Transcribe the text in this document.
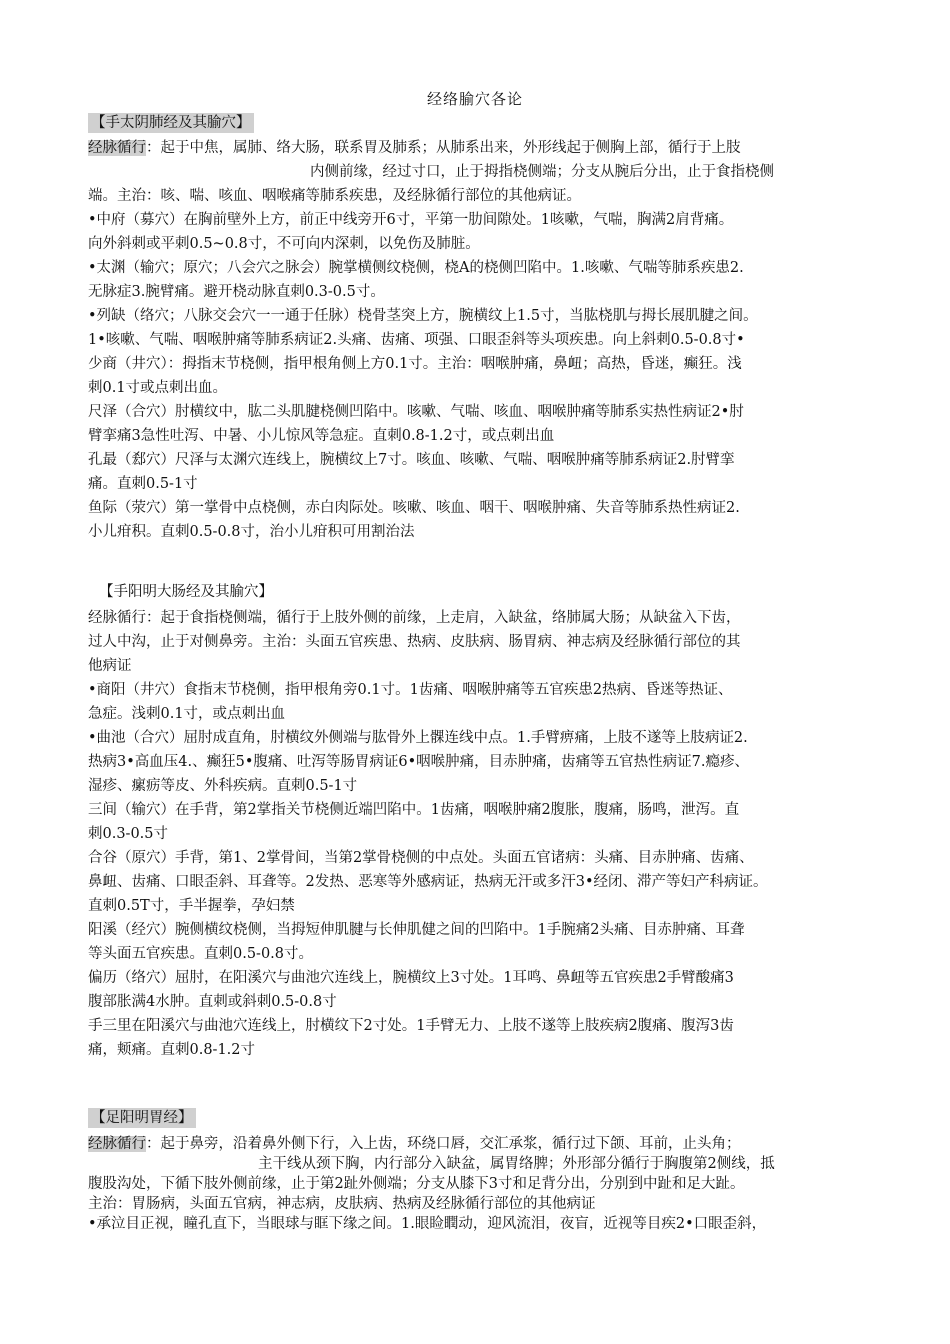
经络腧穴各论
【手太阴肺经及其腧穴】

经脉循行：起于中焦，属肺、络大肠，联系胃及肺系；从肺系出来，外形线起于侧胸上部，循行于上肢

内侧前缘，经过寸口，止于拇指桡侧端；分支从腕后分出，止于食指桡侧

端。主治：咳、喘、咳血、咽喉痛等肺系疾患，及经脉循行部位的其他病证。

•中府（募穴）在胸前壁外上方，前正中线旁开6寸，平第一肋间隙处。1咳嗽，气喘，胸满2肩背痛。

向外斜刺或平刺0.5~0.8寸，不可向内深刺，以免伤及肺脏。

•太渊（输穴；原穴；八会穴之脉会）腕掌横侧纹桡侧，桡A的桡侧凹陷中。1.咳嗽、气喘等肺系疾患2.

无脉症3.腕臂痛。避开桡动脉直刺0.3-0.5寸。

•列缺（络穴；八脉交会穴一一通于任脉）桡骨茎突上方，腕横纹上1.5寸，当肱桡肌与拇长展肌腱之间。

1•咳嗽、气喘、咽喉肿痛等肺系病证2.头痛、齿痛、项强、口眼歪斜等头项疾患。向上斜刺0.5-0.8寸•

少商（井穴）：拇指末节桡侧，指甲根角侧上方0.1寸。主治：咽喉肿痛，鼻衄；高热，昏迷，癫狂。浅

刺0.1寸或点刺出血。

尺泽（合穴）肘横纹中，肱二头肌腱桡侧凹陷中。咳嗽、气喘、咳血、咽喉肿痛等肺系实热性病证2•肘

臂挛痛3急性吐泻、中暑、小儿惊风等急症。直刺0.8-1.2寸，或点刺出血

孔最（郄穴）尺泽与太渊穴连线上，腕横纹上7寸。咳血、咳嗽、气喘、咽喉肿痛等肺系病证2.肘臂挛

痛。直刺0.5-1寸

鱼际（荥穴）第一掌骨中点桡侧，赤白肉际处。咳嗽、咳血、咽干、咽喉肿痛、失音等肺系热性病证2.

小儿疳积。直刺0.5-0.8寸，治小儿疳积可用割治法

【手阳明大肠经及其腧穴】

经脉循行：起于食指桡侧端，循行于上肢外侧的前缘，上走肩，入缺盆，络肺属大肠；从缺盆入下齿，

过人中沟，止于对侧鼻旁。主治：头面五官疾患、热病、皮肤病、肠胃病、神志病及经脉循行部位的其

他病证

•商阳（井穴）食指末节桡侧，指甲根角旁0.1寸。1齿痛、咽喉肿痛等五官疾患2热病、昏迷等热证、

急症。浅刺0.1寸，或点刺出血

•曲池（合穴）屈肘成直角，肘横纹外侧端与肱骨外上髁连线中点。1.手臂痹痛，上肢不遂等上肢病证2.

热病3•高血压4.、癫狂5•腹痛、吐泻等肠胃病证6•咽喉肿痛，目赤肿痛，齿痛等五官热性病证7.瘾疹、

湿疹、瘰疬等皮、外科疾病。直刺0.5-1寸

三间（输穴）在手背，第2掌指关节桡侧近端凹陷中。1齿痛，咽喉肿痛2腹胀，腹痛，肠鸣，泄泻。直

刺0.3-0.5寸

合谷（原穴）手背，第1、2掌骨间，当第2掌骨桡侧的中点处。头面五官诸病：头痛、目赤肿痛、齿痛、

鼻衄、齿痛、口眼歪斜、耳聋等。2发热、恶寒等外感病证，热病无汗或多汗3•经闭、滞产等妇产科病证。

直刺0.5T寸，手半握拳，孕妇禁

阳溪（经穴）腕侧横纹桡侧，当拇短伸肌腱与长伸肌健之间的凹陷中。1手腕痛2头痛、目赤肿痛、耳聋

等头面五官疾患。直刺0.5-0.8寸。

偏历（络穴）屈肘，在阳溪穴与曲池穴连线上，腕横纹上3寸处。1耳鸣、鼻衄等五官疾患2手臂酸痛3

腹部胀满4水肿。直刺或斜刺0.5-0.8寸

手三里在阳溪穴与曲池穴连线上，肘横纹下2寸处。1手臂无力、上肢不遂等上肢疾病2腹痛、腹泻3齿

痛，颊痛。直刺0.8-1.2寸

【足阳明胃经】

经脉循行：起于鼻旁，沿着鼻外侧下行，入上齿，环绕口唇，交汇承浆，循行过下颌、耳前，止头角；

主干线从颈下胸，内行部分入缺盆，属胃络脾；外形部分循行于胸腹第2侧线，抵

腹股沟处，下循下肢外侧前缘，止于第2趾外侧端；分支从膝下3寸和足背分出，分别到中趾和足大趾。

主治：胃肠病，头面五官病，神志病，皮肤病、热病及经脉循行部位的其他病证

•承泣目正视，瞳孔直下，当眼球与眶下缘之间。1.眼睑瞤动，迎风流泪，夜盲，近视等目疾2•口眼歪斜，
